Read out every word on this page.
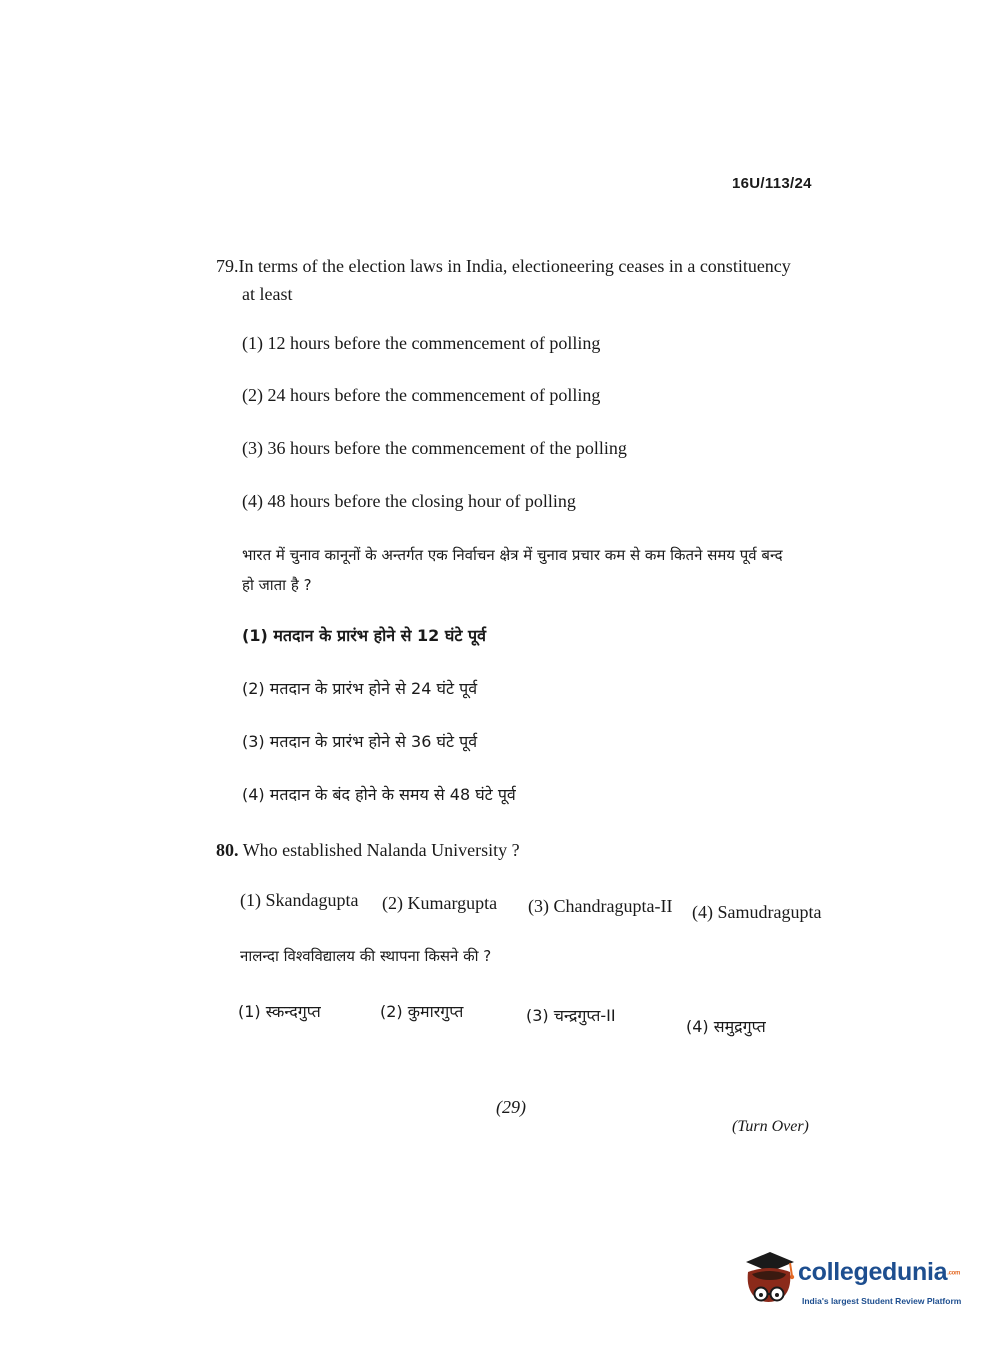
16U/113/24
79.In terms of the election laws in India, electioneering ceases in a constituency
at least
(1) 12 hours before the commencement of polling
(2) 24 hours before the commencement of polling
(3) 36 hours before the commencement of the polling
(4) 48 hours before the closing hour of polling
भारत में चुनाव कानूनों के अन्तर्गत एक निर्वाचन क्षेत्र में चुनाव प्रचार कम से कम कितने समय पूर्व बन्द
हो जाता है ?
(1) मतदान के प्रारंभ होने से 12 घंटे पूर्व
(2) मतदान के प्रारंभ होने से 24 घंटे पूर्व
(3) मतदान के प्रारंभ होने से 36 घंटे पूर्व
(4) मतदान के बंद होने के समय से 48 घंटे पूर्व
80. Who established Nalanda University ?
(1) Skandagupta (2) Kumargupta (3) Chandragupta-II (4) Samudragupta
नालन्दा विश्वविद्यालय की स्थापना किसने की ?
(1) स्कन्दगुप्त	(2) कुमारगुप्त	(3) चन्द्रगुप्त-II
(4) समुद्रगुप्त
(29)
(Turn Over)
collegedunia.com
India's largest Student Review Platform
